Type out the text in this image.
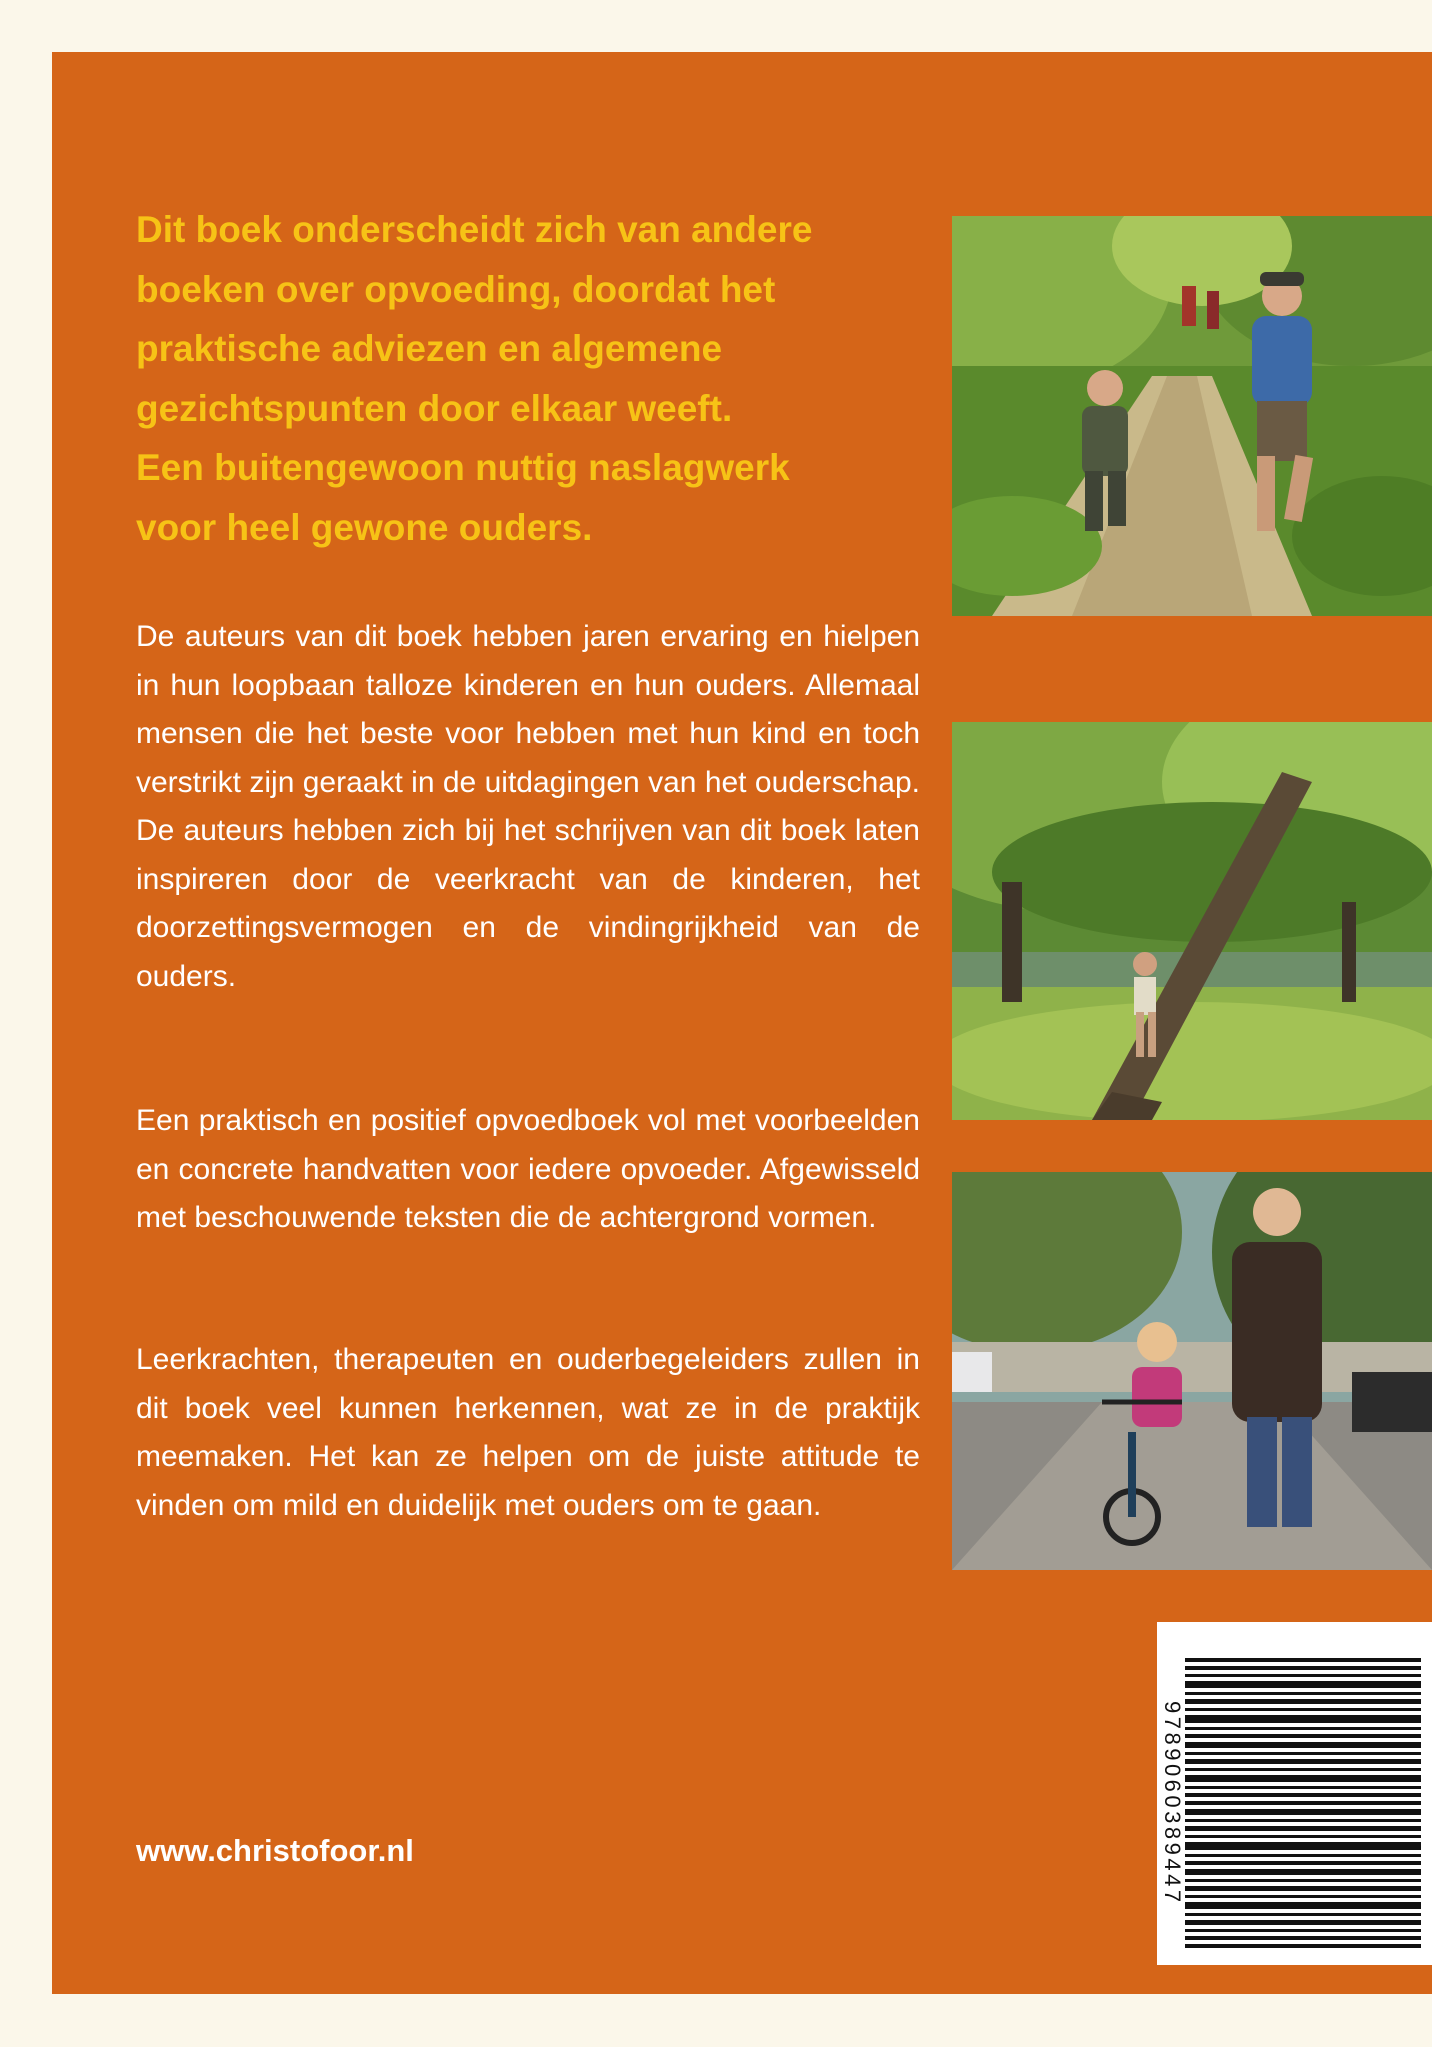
Dit boek onderscheidt zich van andere
boeken over opvoeding, doordat het
praktische adviezen en algemene
gezichtspunten door elkaar weeft.
Een buitengewoon nuttig naslagwerk
voor heel gewone ouders.

De auteurs van dit boek hebben jaren ervaring en hielpen in hun loopbaan talloze kinderen en hun ouders. Allemaal mensen die het beste voor hebben met hun kind en toch verstrikt zijn geraakt in de uitdagingen van het ouderschap. De auteurs hebben zich bij het schrijven van dit boek laten inspireren door de veerkracht van de kinderen, het doorzettingsvermogen en de vindingrijkheid van de ouders.

Een praktisch en positief opvoedboek vol met voorbeelden en concrete handvatten voor iedere opvoeder. Afgewisseld met beschouwende teksten die de achtergrond vormen.

Leerkrachten, therapeuten en ouderbegeleiders zullen in dit boek veel kunnen herkennen, wat ze in de praktijk meemaken. Het kan ze helpen om de juiste attitude te vinden om mild en duidelijk met ouders om te gaan.

www.christofoor.nl	9789060389447
